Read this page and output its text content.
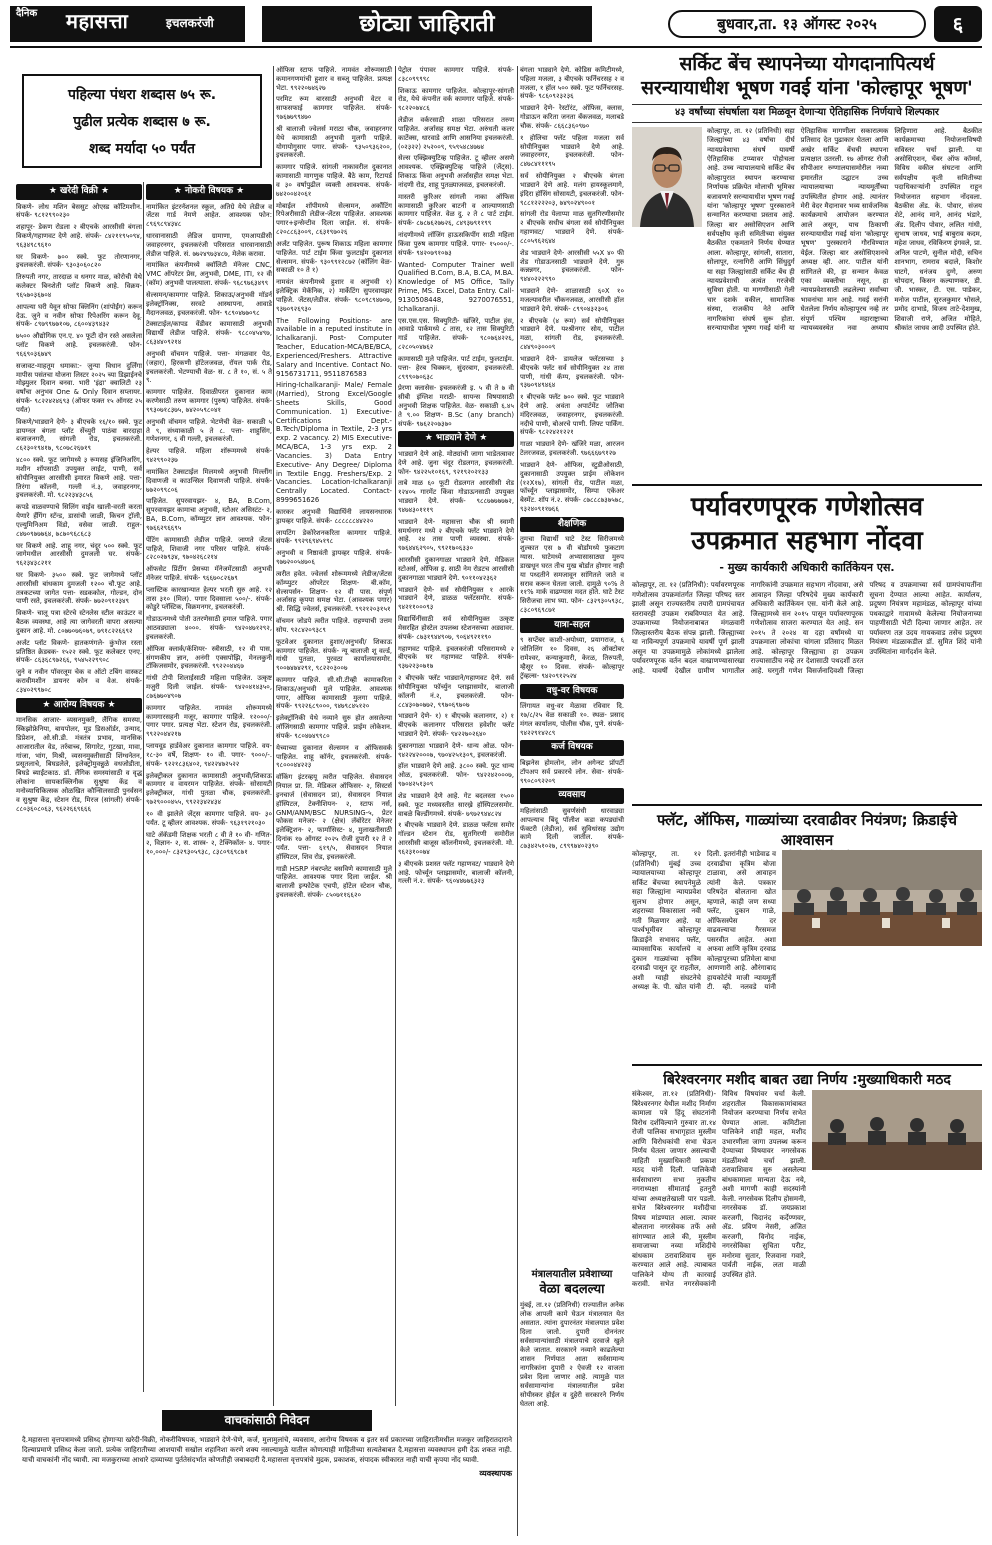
दैनिक महासत्ता	इचलकरंजी	छोट्या जाहिराती	बुधवार,ता. १३ ऑगस्ट २०२५	६
पहिल्या पंधरा शब्दास ७५ रू.
पुढील प्रत्येक शब्दास ७ रू.
शब्द मर्यादा ५० पर्यंत
★ खरेदी विक्री ★
विकणे- लोध मशिन बेससुट ओएस्ड कॉटिमशीन. संपर्क- ९८१२९९०२३०
शहापूर- डेकण रोडला २ बीएचके आरसीसी बंगला विकणे/गहाणवट देणे आहे. संपर्क- ८४२११९५०९४, ९६३४९८९६१०
घर विकणे- ७०० स्क्वे. फूट तोरणानगर, इचलकरंजी. संपर्क- ९३०३०६०८२०
तिरुपती नगर, तारदाळ व धनगर माळ, कोरोची येथे कलेक्टर बिनशेती प्लॉट विकणे आहे. विक्रय- ९६५७०३६७०४
आपल्या घरी येवून सोफा क्लिनिंग (शांपोईंग) करून देऊ. जुने व नवीन सोफा रिपेअरिंग करून देवू. संपर्क- ८९७९९७७१०७, ८६००४३९४३२
७५०० औद्योगिक एन.ए. ४० फूटी दोन रस्ते असलेला प्लॉट विकणे आहे. इचलकरंजी. फोन- ९६६९०३६७४९
सजावट-माहतूम धमाका:- जुन्या विधान दुर्लिंगा मापीस पसंतचा योजना लिस्टर २०२५ च्या डिझाईनचे मोझ्युलर दिवान बनवा. भारी 'इंद्रा' क्वालिटी २३ वर्षांचा अनुभव One & Only दिवान सप्लायर. संपर्क- ९८२२४२४६९३ (ऑफर फक्त १५ ऑगस्ट २५ पर्यंत)
विकणे/भाड्याने देणे- ३ बीएचके १६/१० स्क्वे. फूट डायग्नल बंगला प्लॉट सेंच्युरी पाठंबा बारदाहा बजाजनगरी, सांगली रोड, इचलकरंजी. ८६२३०१९४१७, ९८०७८२६७१९
४८०० स्क्वे. फूट जागेमध्ये ३ रूमसह इंजिनिअरिंग, मशीन शॉपसाठी उपयुक्त लाईट, पाणी, सर्व सोयीनियुक्त आरसीसी इमारत विकणे आहे. पत्ता- तिरंगा कॉलनी, गल्ली नं.३, जवाहरनगर, इचलकरंजी. मो. ९८२२३४३८५६
कपडे वाळवण्याचे सिलिंग वाईव खाली-वरती करता येणारे हँगिंग स्टॅन्ड, डासांची जाळी, किचन ट्रॉली, एल्युमिनिअम विंडो, वसेवा जाळी. राहुल- ८४७०९७७७६४, ७८७०९६८६८३
घर विकणे आहे. शाहू नगर, चंदूर ५०० स्क्वे. फूट जागेमधील आरसीसी दुमजली घर. संपर्क- ९६२३४३८२११
घर विकणे- ३५०० स्क्वे. फूट जागेमध्ये प्लॉट आरसीसी बांधकाम दुमजली १२०० चौ.फूट आहे. तत्रकटच्या जागेत पत्ता- सडककोल, गोल्डन, दोन पाणी रस्ते, इचलकरंजी. संपर्क- ७७२०९१२३४९
विकणे- चालू पत्रा स्टेरचे स्टेनलेस स्टील काऊंटर व बैठक व्यवस्था, आहे त्या जागेवरती वापरा असल्या दुकान आहे. मो. ८०७७०७६०७९, ७९१८२२६६९२
अर्जंट प्लॉट विकणे- हातकणंगले- कुंभोज रस्ता प्रतिष्ठित क्रेडबक- १५२२ स्क्वे. फूट कलेक्टर एनए. संपर्क- ८६३६८९७२६६, ९५४५२२९९०८
जुने व नवीन पॉवरलूम चेक व ऑटो टबिंग वास्कट करावीमशीन डायनर कोन व वेअ. संपर्क- ८३४०२९९७०८
★ आरोग्य विषयक ★
मानसिक आजार- व्यसनमुक्ती, लैंगिक समस्या, स्किझोफ्रेनिया, बायपोलर, मूड डिसऑर्डर, उन्माद, डिप्रेशन, ओ.सी.डी. मंत्रतंत्र प्रभाव, मानसिक आजारातील वेड, तर्रबाच्च, सिगारेट, गुटखा, मावा, गांजा, भांग, मिश्री, व्यसनमुक्तीसाठी शिंग्धनेतन, प्रसूतलाचे, बिघडलेले, इलेक्ट्रोमुवन्नुळे वधजोडीता, बिघडे ब्याईंटकाठ. डॉ. लैंगिक समस्यांसाठी व वृद्ध लोकांना सायकाक्लिनीक सुश्रुषा केंद्र व मनोव्याधिकित्सक ओळखित कौन्सिलसाठी पुनर्वसन व सुश्रुषा केंद्र, स्टेशन रोड, मिरज (सांगली) संपर्क- ८८०३६०८०६३, ९६२२६६९६६६
★ नोकरी विषयक ★
नामांकित इंटरनॅशनल स्कूल, अतिग्रे येथे लेडीज व जेंटस गार्ड नेमणे आहेत. आवश्यक फोन: ८९६९८९४३४८
धारवानासाठी लेडिज ग्रामाणा, एमआयडीसी जवाहरनगर, इचलकरंजी परिसरात धारवानासाठी लेडीज पाहिजे. सं. ७७२४९७३४८७, मेलेक करावा.
नामांकित कंपनीमध्ये क्वॉलिटी मॅनेजर CNC, VMC ऑपरेटर प्रेस, अनुभवी, DME, ITI, १२ वी (कॉम) अनुभवी पालत्याला. संपर्क- ९६८९७६३४९९
सेल्समन/कामगार पाहिजे. शिकाऊ/अनुभवी मॉडर्न इलेक्ट्रॉनिक्स, सरवटे आस्थापना, आवाडे मैदानजवळ, इचलकरंजी. फोन- ९८९०४७७०९८
टेक्सटाईल/कापड वेंडीवर कामासाठी अनुभवी विद्यार्थी लेडीज पाहिजे. संपर्क- ९८८०४५४९७, ८६३४४०९२१४
अनुभवी वॉचमन पाहिजे. पत्ता- मंगळवार पेठ, (जहार), हिरकणी हॉटेलजवळ, रॉयल पार्क रोड, इचलकरंजी. भेटण्याची वेळ- स. ८ ते १०, सं. ५ ते ९.
कामगार पाहिजेत. दिवाळीपरत दुकानात काम करणेसाठी तरुण कामगार (पुरुष) पाहिजेत. संपर्क- ९९३०७१८३७५, ७४२०५९८०४१
अनुभवी वॉचमन पाहिजे. भेटणेची वेळ- सकाळी ५ ते ९, संध्याकाळी ५ ते ८. पत्ता- शाहुसिंग, गणेशनगर, ६ वी गल्ली, इचलकरंजी.
हेल्पर पाहिजे. महिला शॉरूममध्ये संपर्क- ९४२९९०२३७
नामांकित टेक्सटाईल मिलमध्ये अनुभवी मिल्लींग दिवाणजी व काउन्सिल दिवाणजी पाहिजे. संपर्क- ७७२०९९८०६
पाहिजेत. सुपरवायझर- ४, BA, B.Com, सुपरवायझर कामाचा अनुभवी, स्टोअर असिस्टंट- २, BA, B.Com, कॉम्प्युटर ज्ञान आवश्यक. फोन- ९७६६२९६६९५
पेंटिंग कामासाठी लेडीज पाहिजे. जाणते जेंटस पाहिजे, शिवाजी नगर परिसर पाहिजे. संपर्क- ८२८०२७९३४, ९७०४२६८२१४
ऑफसेट प्रिंटींग प्रेसच्या मॅनेजमेंटसाठी अनुभवी मॅनेजर पाहिजे. संपर्क- ९६६७०८२६७९
प्लास्टिक कारखान्यात हेल्पर भरती सुरु आहे. १२ तास ३१० (मिल). पगार दिवसाला ५००/-. संपर्क- कोडुरे प्लॅस्टिक, विक्रमनगर, इचलकरंजी.
गोडाऊनमध्ये पोती उतरणेसाठी हमाल पाहिजे. पगार आठवड्याला ४०००. संपर्क- ९४२०४७१२९२, इचलकरंजी.
ऑफिस क्लार्क/कॅशियर- स्त्रीसाठी, १२ वी पास, संगणकीय ज्ञान, अनंगी एक्सपोझि, मेनलकुनी टॉकिजसमोर, इचलकरंजी. ९९२२०४४६७
गांधी टोपी शिलाईसाठी महिला पाहिजेत. उत्कृष्ट मजुरी दिली जाईल. संपर्क- ९४२०४१४३५०, ८७६७७०४९०७
कामगार पाहिजेत. नामवंत शोरूममध्ये कामगारसहनी मजूर, कामगार पाहिजे. १२०००/- पगार पगार. प्रत्यक्ष भेटा. स्टेशन रोड, इचलकरंजी. ९९२२०४४२१७
प्लायवूड हार्डवेअर दुकानात कामगार पाहिजे. वय- १८-३० वर्षे, शिक्षण- १० वी. पगार- ९०००/-. संपर्क- ९२२१८३६४०२, ९४२२४७२५२२
इलेक्ट्रीकल दुकानात कामासाठी अनुभवी/शिकाऊ कामगार व वायरमन पाहिजेत. संपर्क- सोसायटी इलेक्ट्रीकल, गांधी पुतळा चौक, इचलकरंजी. ९७२९०००४५५, ९९२२३४२४३४
१० वी झालेले जेंट्स कामगार पाहिजे. वय- ३० पर्यंत. टू व्हीलर आवश्यक. संपर्क- ९६३१९२१०३०
घाटे ॲकॅडमी शिक्षक भरती ८ वी ते १० वी- गणित- २, विज्ञान- २, स. शास्त्र- २, टेक्निकॉल- ४. पगार- १०,०००/- ८३२९३०५९३८, ८३८०९६९८७१
ऑफिस स्टाफ पाहिजे. नामवंत शोरूमसाठी कमानगणमांची हुशार व सब्जू पाहिजेत. प्रत्यक्ष भेटा. ९९२२०७४६२७
परमिट रूम बारसाठी अनुभवी वेटर व साफसफाई कामगार पाहिजेत. संपर्क- ९७६७७९९४७०
श्री बालाजी ज्वेलर्स मराठा चौक, जवाहरनगर येथे कामासाठी अनुभवी मुलगी पाहिजे. योगायोगुसार पगार. संपर्क- ९३५०९३६२००, इचलकरंजी.
कामगार पाहिजे. सांगली नाकावरील दुकानात कामासाठी मागणुक पाहिजे. बैठे काम, रिटायर्ड व ३० वर्षापुढील व्यक्ती आवश्यक. संपर्क- ७४२००४२०६१
मोबाईल शॉपीमध्ये सेल्समन, अकौंटिंग रिपेअरीसाठी लेडीज-जेंटस पाहिजेत. आवश्यक पगार+इन्सेन्टीव दिला जाईल. सं. संपर्क- ८२०८८६३००९, ८६३१९७०२६
अर्जंट पाहिजेत. पुरूष शिकाऊ महिला कामगार पाहिजेत. पार्ट टाईम किंवा फुलटाईम दुकानात सेल्समन. संपर्क- ९३०९९१२८७२ (कॉलिंग वेळ- सकाळी १० ते १)
नामवंत कंपनीमध्ये हुशार व अनुभवी १) इलेक्ट्रिक मेकॅनिक, २) मार्केटिंग सुपरवायझर पाहिजे. जेंटस/लेडीज. संपर्क- ९८०९८९४७०७, ९३७०९२६९३०
The Following Positions- are available in a reputed institute in Ichalkaranji. Post- Computer Teacher, Education-MCA/BE/BCA, Experienced/Freshers. Attractive Salary and Incentive. Contact No. 9156731711, 9511876583
Hiring-Ichalkaranji- Male/ Female (Married), Strong Excel/Google Sheets Skills, Good Communication. 1) Executive-Certifications Dept.-B.Tech/Diploma in Textile, 2-3 yrs exp. 2 vacancy. 2) MIS Executive- MCA/BCA, 1-3 yrs exp. 2 Vacancies. 3) Data Entry Executive- Any Degree/ Diploma in Textile Engg. Freshers/Exp. 2 Vacancies. Location-Ichalkaranji Centrally Located. Contact- 8999651626
कारकर अनुभवी विद्यार्थिनी लायसनधारक ड्रायव्हर पाहिजे. संपर्क- ८८८८८८४४२२०
लायटिंग डेकोरेशनकरिता कामगार पाहिजे. संपर्क- ९९२९६९४५१९८
अनुभवी व निष्ठावंती ड्रायव्हर पाहिजे. संपर्क- ९७७२००५४७०६
त्वरीत हवेत. ज्वेलर्स शोरूममध्ये लेडीज/जेंटस कॉम्प्युटर ऑपरेटर शिक्षण- बी.कॉम, सेल्सपर्सन- शिक्षण- १२ वी पास. संपूर्ण अर्जासह कृपया समक्ष भेटा. (आवश्यक पगार) श्री. सिद्धि ज्वेलर्स, इचलकरंजी. ९९२१२०३१५१
वॉचमन जोडपे त्वरीत पाहिजे. राहण्याची उत्तम सोय. ९२८४२०९३८९
फूटवेअर दुकानात हुशार/अनुभवी/ शिकाऊ कामगार पाहिजेत. संपर्क- न्यू बालाजी शू वर्ल्ड, गांधी पुतळा, पुरवठा कार्यालयासमोर. ९००७४७४२९१, ९८२२०३००७
कामगार पाहिजे. सी.सी.टीव्ही कामाकरिता शिकाऊ/अनुभवी मुले पाहिजेत. आवश्यक पगार, ऑफिस कामासाठी मुलगा पाहिजे. संपर्क- ९९२२६८९०००, ९४७९८४५१२०
इलेक्ट्रॉनिकी येथे नव्याने सुरु होत असलेल्या लॉजिंगसाठी कामगार पाहिजे. प्राईम लोकेशन. संपर्क- ९८०४७४९९८०
येच्याच्या दुकानात सेल्समन व ऑफिसवर्क पाहिजेत. शाहू कॉर्नर, इचलकरंजी. संपर्क- ९८०००४४२२३
वॉकिंग इंटरव्हयू त्वरीत पाहिजेत. सेवासदन नियाल प्रा. लि. मेडिकल ऑफिसर- २, सिस्टर्स इनचार्ज (सेवासदन प्रा), सेवासदन नियाल हॉस्पिटल, टेक्नीशियन- २, स्टाफ नर्स, GNM/ANM/BSC NURSING-५, प्रेटर फोकस मनेजर- २ (क्षेत्र) लॅबोरेटर मेनेजर इलेक्ट्रिशन- २, फार्मासिस्ट- ४, मुलाखतीसाठी दिनांक १७ ऑगस्ट २०२५ रोजी दुपारी १२ ते २ पर्यंत. पत्ता- ६१९/५, सेवासदन नियाल हॉस्पिटल, शिव रोड, इचलकरंजी.
गाडी HSRP नंबरप्लेट बसविणे कामासाठी मुले पाहिजेत. आवश्यक पगार दिला जाईल. श्री बालाजी इन्फोटेक एचपी, हॉटेल स्टेशन चौक, इचलकरंजी. संपर्क- ८५०७११६६२०
पेट्रोल पंपावर कामगार पाहिजे. संपर्क- ८३८०९९९९८
शिकाऊ कामगार पाहिजेत. कोल्हापूर-सांगली रोड, येथे कंपनीत वर्क कामगार पाहिजे. संपर्क- ९८२२०७४८६
लेडीज वर्करसाठी शाळा परिसरात तरुण पाहिजेत. अर्जासह समक्ष भेटा. अरुंधती कलर कार्टेक्स, धारवाडे आणि आसनिया इचलकरंजी. (०२३२२) २५२००९, ९५९५४८४७७४
सेल्स एक्झिक्युटिव्ह पाहिजेत. टू व्हीलर असणे आवश्यक. एक्झिक्युटिव्ह पाहिजे (जेंट्स). शिकाऊ किंवा अनुभवी अर्जासहीत समक्ष भेटा. नांदणी रोड, शाहू पुतळ्याजवळ, इचलकरंजी.
मास्तरी कुरिअर सांगली नाका ऑफिस कामासाठी कुरिअर बाटनी व आल्याणसाठी कामगार पाहिजेत. वेळ दु. २ ते ८ पार्ट टाईम. संपर्क- ८७८७६२७७२६, ८४९३७९११९९
नांदणीमध्ये लॉजिंग हाऊसकिपींग साठी महिला किंवा पुरुष कामगार पाहिजे. पगार- १५०००/-. संपर्क- ९४२०७९१०७३
Wanted- Computer Trainer well Qualified B.Com, B.A, B.CA, M.BA. Knowledge of MS Office, Tally Prime, MS. Excel, Data Entry. Call- 9130508448, 9270076551, Ichalkaranji.
एस.एस.एस. सिक्युरिटी- खंजिरे, पाटील हंस, आवाडे पार्कमध्ये ८ तास, १२ तास सिक्युरिटी गार्ड पाहिजेत. संपर्क- ९८०७६४२२६, ८२८०५०४७६२
कामासाठी मुले पाहिजेत. पार्ट टाईम, फुलटाईम. पत्ता- हेरब चिक्कन, सुंदरबाग, इचलकरंजी. ८९९९०७०६३८
प्रेरणा क्लासेस- इचलकरंजी इ. ५ वी ते ७ वी सीबी इंग्लिश मराठी- सायन्स विषयासाठी अनुभवी शिक्षक पाहिजेत. वेळ- सकाळी ६.४५ ते ९.०० शिक्षण- B.Sc (any branch) संपर्क- ९७६२२०७३७०
★ भाड्याने देणे ★
भाड्याने देणे आहे. मोठ्यांची जागा भाडेतत्वावर देणे आहे. जुना चंदूर रोडलगत, इचलकरंजी. फोन- ९४२२५१०१६९, ९२१९२०२१३३
ताबे माळ ६० फूटी रोडलगत आरसीसी शेड १२४०५ गारमेंट किंवा गोडाऊनसाठी उपयुक्त भाड्याने देणे. संपर्क- ९८८७७७७७७२, ९४७४३०१११९
भाड्याने देणे- महासत्ता चौक श्री स्वामी समर्थनगर मध्ये २ बीएचके फ्लॅट भाड्याने देणे आहे. २४ तास पाणी व्यवस्था. संपर्क- ९७६४४६२९०५, ९९२१७०६३३०
आरसीसी दुकानगाळा भाड्याने देणे. मेडिकल स्टोअर्स, ऑफिस इ. साठी नेम रोडटच आरसीसी दुकानगाळा भाड्याने देणे. ९०११०४२३६२
भाड्याने देणे- सर्व सोयीनियुक्त १ आरके भाड्याने देणे, डाळळ फ्लॅटसमोर. संपर्क- ९४२११०००९३
विद्यार्थिनींसाठी सर्व सोयीनियुक्त उत्कृष्ट मेसरहित होस्टेल उपलब्ध स्टेशनसच्या अड्यावर. संपर्क- ८७३१९४४९०७, ९०६४९२११९०
गहाणवट पाहिजे. इचलकरंजी परिसरामध्ये २ बीएचके घर गहाणवट पाहिजे. संपर्क- ९३७२२३०७१७
२ बीएचके फ्लॅट भाड्याने/गहाणवट देणे. सर्व सोयीनियुक्त फॉर्च्युन प्लाझासमोर, बालाजी कॉलनी नं.२, इचलकरंजी. फोन- ८८४३०७०७७२, ९९७०६९७०७
भाड्याने देणे- १) १ बीएचके कलानगर, २) १ बीएचके कलानगर परिसरात हवेशीर फ्लॅट भाड्याने देणे. संपर्क- ९४२२७०२६४०
दुकानगाळा भाड्याने देणे- धान्य ओळ. फोन- ९४२२४२०००७, ९७०४२५१३०९, इचलकरंजी.
हॉल भाड्याने देणे आहे. ३८०० स्क्वे. फूट धान्य ओळ, इचलकरंजी. फोन- ९४२२४२०००७, ९७०४२५१३०९
शेड भाड्याने देणे आहे. गेट बदलस्ता १५०० स्क्वे. फूट मध्यवस्तीत सारख्रे हॉस्पिटलसमोर. वाबळे बिल्डींगमध्ये. संपर्क- ७९७२९४४८२४
१ बीएचके भाड्याने देणे. डाळळ फ्लॅटस समोर गॉल्डन स्टेशन रोड, सुतगिरणी समोरील आरसीसी बाजूस कॉलनीमध्ये, इचलकरंजी. मो. ९६२३१००७४
३ बीएचके प्रशस्त फ्लॅट गहाणवट/ भाड्याने देणे आहे. फोर्च्यून प्लाझासमोर, बालाजी कॉलनी, गल्ली नं.२. संपर्क- ९६०४४७७६३२३
बंगला भाड्याने देणे. कोडिस कमिटीमध्ये, पहिला मजला, ३ बीएचके फर्निचरसह २ व मजला, १ हॉल ५०० स्क्वे. फूट फर्निचरसह. संपर्क- ९८६०९२३२३६
भाड्याने देणे- रेस्टॉरंट, ऑफिस, क्लास, गोडाऊन करिता जनता बँकजवळ, मलाबडे चौक. संपर्क- ८६६८३६०९७०
१ होलिचा फ्लॅट पहिला मजला सर्व सोयीनियुक्त भाड्याने देणे आहे. जवाहरनगर, इचलकरंजी. फोन- ८४७८४१११९५
सर्व सोयीनियुक्त २ बीएचके बंगला भाड्याने देणे आहे. मलंग हायस्कूलमागे, इंदिरा हॉसिंग सोसायटी, इचलकरंजी. फोन- ९८८१२२२२०३, ७४९०२४९००१
सांगली रोड येलाप्पा माळ सुतगिरणीसमोर २ बीएचके सधीच बंगला सर्व सोयीनियुक्त गहाणवट/ भाड्याने देणे. संपर्क- ८८०५९६२६४४
शेड भाड्याने देणे- आरसीसी ५५X ४० फी शेड गोडाऊनसाठी भाड्याने देणे. गुरु कन्नन्नगर, इचलकरंजी. फोन- ९४४०२२२९९०
भाड्याने देणे- शाळासाठी ६०X १० मजल्यावरील चौंकनजवळ, आरसीसी हॉल भाड्याने देणे. संपर्क- ८९९०४३२३०६
२ बीएचके (४ रूम) सर्व सोयीनियुक्त भाड्याने देणे. यश्श्रीनगर सोय, पाटील मळा, सांगली रोड, इचलकरंजी. ८४४९०३०००९
भाड्याने देणे- डायलेज फ्लॅटसच्या ३ बीएचके फ्लॅट सर्व सोयीनियुक्त २४ तास पाणी, गांधी कॅम्प, इचलकरंजी. फोन- ९३७०९४९४६४
१ बीएचके फ्लॅट ७०० स्क्वे. फूट भाड्याने देणे आहे. अवंता अपार्टमेंट जोतिबा मंदिरजवळ, जवाहरनगर, इचलकरंजी. नदीचे पाणी, बोअरचे पाणी. लिफ्ट पार्किंग. संपर्क- ९८२२४२१२२१
गाळा भाड्याने देणे- खंजिरे मळा, आरजन टेलरजवळ, इचलकरंजी. ९७६६६७९१२७
भाड्याने देणे- ऑफिस, स्टुडीओसाठी, दुकानासाठी उपयुक्त प्राईम लोकेशन (१२X१७), सांगली रोड, पाटील मळा, फॉर्च्यून प्लाझासमोर, सिम्पा एकेअर बेस्मेंट. शॉप नं.२. संपर्क- ८७८८८७३७५७८, ९३२४०९११७६६
शैक्षणिक
तुमचा विद्यार्थी घाटे टेस्ट सिरीजमध्ये शुल्कात एस ७ वी बोर्डांमध्ये फुकटाग ग्यास. घाटेमध्ये अभ्यासासाठ्या मुरुप डाखधून घरत तीच मुख बोर्डात होणार नाही या पध्दतीने समजावून सांगितले जाते व सराव करून घेतला जातो. दामुळे ९०% ते ११% मार्क वाढण्यास मदत होते. घाटे टेस्ट सिरीजचा लाभ घ्या. फोन- ८३२९३०५९३८, ८३८०९६९८७१
यात्रा-सहल
९ सप्टेंबर काशी-अयोध्या, प्रयागराज, ६ जोतिलिंग १० दिवस, २६ ऑक्टोबर रामेश्वर, कन्याकुमारी, केरळ, तिरुपती, म्हैसूर १० दिवस. संपर्क- कोल्हापूर ट्रॅव्हल्स- ९४२०९१२५२४
वधु-वर विषयक
लिंगायत वधु-वर मेळावा रविवार दि. १७/८/२५ वेळ सकाळी १०. स्थळ- प्रसाद मंगल कार्यालय, पोलीस चौक, पुणे. संपर्क- ९४२२९१४२८९
कर्ज विषयक
बिझनेस होमलोन, लोन अगेन्स्ट प्रॉपर्टी टॉपअप सर्व प्रकारचे लोन. सेवा- संपर्क- ९९०८०९२२०९
व्यवसाय
महिलांसाठी सुवर्णसंधी धारवाड्या आपल्याच बिंदू पॉलीश कडा कपड्यांची फॅक्टरी (लेडीज), सर्व सुविधांसह उद्योग कामे दिली जातील. संपर्क- ८७३४२५१०२७, ८९९९७४०२३९०
वाचकांसाठी निवेदन
दै.महासत्ता वृत्तपत्रामध्ये प्रसिध्द होणाऱ्या खरेदी-विक्री, नोकरीविषयक, भाड्याने देणे-घेणे, कर्ज, मुलामुलांचे, व्यवसाय, आरोग्य विषयक व इतर सर्व प्रकारच्या जाहिरातीमधील मजकुर जाहिरातदाराने दिल्याप्रमाणे प्रसिध्द केला जातो. प्रत्येक जाहिरातीच्या आशयाची सखोल शहानिशा करणे शक्य नसल्यामुळे यातील कोणत्याही माहितीच्या सत्यतेबाबत दै.महासत्ता व्यवस्थापन हमी देऊ शकत नाही. याची वाचकांनी नोंद घ्यावी. त्या मजकुराच्या आधारे दाव्याच्या पुर्ततेसंदर्भात कोणतीही जबाबदारी दै.महासत्ता वृत्तपत्रांचे मुद्रक, प्रकाशक, संपादक स्वीकारत नाही याची कृपया नोंद घ्यावी.
व्यवस्थापक
सर्किट बेंच स्थापनेच्या योगदानापित्यर्थ
सरन्यायाधीश भूषण गवई यांना 'कोल्हापूर भूषण'
४३ वर्षांच्या संघर्षाला यश मिळवून देणाऱ्या ऐतिहासिक निर्णयाचे शिल्पकार
कोल्हापूर, ता. १२ (प्रतिनिधी) सहा जिल्ह्यांच्या ४३ वर्षांचा दीर्घ न्यायप्रवेशाचा संघर्ष यावर्षी ऐतिहासिक टप्प्यावर पोहोचला आहे. उच्च न्यायालयाचे सर्किट बेंच कोल्हापुरात स्थापन करण्याचा निर्णायक प्रक्रियेत मोलाची भूमिका बजावणारे सरन्यायाधीश भूषण गवई यांना 'कोल्हापूर भूषण' पुरस्काराने सन्मानित करण्याचा प्रस्ताव आहे. जिल्हा बार असोसिएशन आणि सर्वपक्षीय कृती समितीच्या संयुक्त बैठकीत एकमताने निर्णय घेण्यात आला. कोल्हापूर, सांगली, सातारा, सोलापूर, रत्नागिरी आणि सिंधुदुर्ग या सहा जिल्ह्यांसाठी सर्किट बेंच ही न्यायप्रवेशाची अत्यंत गरजेची सुविधा होती. या मागणीसाठी गेली चार दशके वकील, सामाजिक संस्था, राजकीय नेते आणि नागरिकांचा संघर्ष सुरू होता. सरन्यायाधीश भूषण गवई यांनी या ऐतिहासिक मागणीला सकारात्मक प्रतिसाद देत पुढाकार घेतला आणि अखेर सर्किट बेंचची स्थापना प्रत्यक्षात उतरली. १७ ऑगस्ट रोजी सीपीआर रुग्णालयासमोरील नव्या इमारतीत उद्घाटन उच्च न्यायालयाच्या न्यायमूर्तींच्या उपस्थितीत होणार आहे. त्यानंतर मेरी वेदर मैदानावर भव्य सार्वजनिक कार्यक्रमाचे आयोजन करण्यात आले असून, याच ठिकाणी सरन्यायाधीश गवई यांना 'कोल्हापूर भूषण' पुरस्काराने गौरविण्यात येईल. जिल्हा बार असोसिएशनचे अध्यक्ष व्ही. आर. पाटील यांनी सांगितले की, हा सन्मान केवळ एका व्यक्तीचा नसून, हा न्यायप्रवेशासाठी लढलेल्या सर्वांच्या भावनांचा मान आहे. गवई सरांनी घेतलेला निर्णय कोल्हापूरच नव्हे तर संपूर्ण पश्चिम महाराष्ट्राच्या न्यायव्यवस्थेत नवा अध्याय लिहिणारा आहे. बैठकीत कार्यक्रमाच्या नियोजनाविषयी सविस्तर चर्चा झाली. या असोसिएशन, चेंबर ऑफ कॉमर्स, विविध वकील संघटना आणि सर्वपक्षीय कृती समितीच्या पदाधिकाऱ्यांनी उपस्थित राहून नियोजनात सहभाग नोंदवला. बैठकीस ॲड. के. पोवार, संजय शेटे, आनंद माने, आनंद भंडारे, ॲड. दिलीप पोवार, ललित गांधी, सुभाष जाधव, भाई बाबुराव कदम, महेश जाधव, रविकिरण इंगवले, प्रा. अनिल पाटणे, सुनील मोदी, सचिन शानभाग, रामराव बदाले, किशोर घाटगे, धनंजय दुग्गे, अरुण चोपदार, किसन कल्याणकर, डी. जी. भास्कर, टी. एस. पाडेकर, मनोज पाटील, सुरजकुमार भोसले, प्रमोद दाभाडे, विजय ताटे-देशमुख, शिवाजी राणे, अजित मोहिते, श्रीकांत जाधव आदी उपस्थित होते.
पर्यावरणपूरक गणेशोत्सव
उपक्रमात सहभाग नोंदवा
- मुख्य कार्यकारी अधिकारी कार्तिकेयन एस.
कोल्हापूर, ता. १२ (प्रतिनिधी): पर्यावरणपूरक गणेशोत्सव उपक्रमांतर्गत जिल्हा परिषद स्तर झाली असून राज्यस्तरीय तयारी ग्रामपंचायत स्तरावरही उपक्रम राबविण्यात येत आहे. उपक्रमाच्या नियोजनाबाबत मंगळवारी जिल्हास्तरीय बैठक संपन्न झाली. जिल्ह्याच्या या नाविन्यपूर्ण उपक्रमाचे यावर्षी पूर्ण झाली असून या उपक्रमामुळे लोकांमध्ये झालेला पर्यावरणपूरक वर्तन बदल वाखाणण्यासारखा आहे. यावर्षी देखील ग्रामीण भागातील नागरिकांनी उपक्रमात सहभाग नोंदवावा, असे आवाहन जिल्हा परिषदेचे मुख्य कार्यकारी अधिकारी कार्तिकेयन एस. यांनी केले आहे. जिल्ह्यामध्ये सन २०१५ पासून पर्यावरणपूरक गणेशोत्सव साजरा करण्यात येत आहे. सन २०१५ ते २०२४ या दहा वर्षांमध्ये या उपक्रमाला लोकांचा चांगला प्रतिसाद मिळत आहे. कोल्हापूर जिल्ह्याचा हा उपक्रम राज्यासाठीच नव्हे तर देशासाठी पथदर्शी ठरत आहे. घरगुती गणेश विसर्जनादिवशी जिल्हा परिषद व उपक्रमाच्या सर्व ग्रामपंचायतींना सूचना देण्यात आल्या आहेत. कार्यालय, प्रदूषण नियंत्रण महामंडळ, कोल्हापूर यांच्या पथकाद्वारे गावामध्ये केलेल्या नियोजनाच्या पाहणीसाठी भेटी दिल्या जाणार आहेत. तर पर्यावरण तज्ञ उदय गायकवाड तसेच प्रदूषण नियंत्रण मंडळाकडील डॉ. सुमित शिंदे यांनी उपस्थितांना मार्गदर्शन केले.
फ्लॅट, ऑफिस, गाळ्यांच्या दरवाढीवर नियंत्रण; क्रिडाईचे आश्वासन
कोल्हापूर, ता. १२ (प्रतिनिधी) मुंबई उच्च न्यायालयाच्या कोल्हापूर सर्किट बेंचच्या स्थापनेमुळे सहा जिल्ह्यांना न्यायप्रवेश सुलभ होणार असून, शहराच्या विकासाला नवी गती मिळणार आहे. या पार्श्वभूमीवर कोल्हापूर क्रिडाईने सभासद फ्लॅट, व्यावसायिक कार्यालये व दुकान गाळ्यांच्या कृत्रिम दरवाढी पासून दूर राहतील, अशी ग्वाही संघटनेचे अध्यक्ष के. पी. खोत यांनी दिली. इतरांनीही भाडेवाढ व दरवाढीचा कृत्रिम बोजा टाळावा, असे आवाहन त्यांनी केले. पत्रकार परिषदेत बोलताना खोत म्हणाले, काही जण सध्या फ्लॅट, दुकान गाळे, ऑफिसस्पेस दर वाढवल्याचा गैरसमज पसरवीत आहेत. अशा अफवा आणि कृत्रिम दरवाढ कोल्हापूरच्या प्रतिमेला बाधा आणणारी आहे. औरंगाबाद हायकोर्टचे माजी न्यायमूर्ती टी. व्ही. नलवडे यांनी
बिरेश्वरनगर मशीद बाबत उद्या निर्णय :मुख्याधिकारी मठद
संकेश्वर, ता.१२ (प्रतिनिधी)- बिरेश्वरनगर येथील मशीद निर्माण कामाला पत्रे हिंदू संघटनांनी विरोध दर्शविल्याने गुरुवार ता.१४ रोजी पालिका सभागृहात मुस्लीम आणि विरोधकांची सभा घेऊन निर्णय घेतला जाणार असल्याची माहिती मुख्याधिकारी प्रकाश मठद यांनी दिली. पालिकेची सर्वसाधारण सभा नुकतीच नगराध्यक्षा सीमाताई हतनुरी यांच्या अध्यक्षतेखाली पार पडली. सभेत बिरेश्वरनगर मशीदीचा विषय मांडण्यात आला. त्यावर बोलताना नगरसेवक तर्फे असे सांगण्यात आले की, मुस्लीम समाजाच्या नव्या मशिदीचे बांधकाम ठरावाशिवाय सुरु करण्यात आले आहे. त्याबाबत पालिकेने योग्य ती कारवाई करावी. सभेत नगरसेवकांनी विविध विषयांवर चर्चा केली. शहरातील विकासकामांबाबत नियोजन करण्याचा निर्णय सभेत घेण्यात आला. कमिटीला पालिकेने शाही महल, मशीद उभारणीला जागा उपलब्ध करून देण्याच्या विषयावर नगरसेवक मंडळींमध्ये चर्चा झाली. ठरावाशिवाय सुरु असलेल्या बांधकामाला मान्यता देऊ नये, अशी मागणी काही सदस्यांनी केली. नगरसेवक दिलीप होसमनी, नगरसेवक डॉ. जयप्रकाश करजगी, चिदानंद कर्देण्णवर, ॲड. प्रविण नेसरी, अजित करजगी, विनोद नाईक, नगरसेविका सुचिता परीट, मनोरमा सुतार, रिजवाना गवारे, पार्वती नाईक, लता माळी उपस्थित होते.
मंत्रालयातील प्रवेशाच्या
वेळा बदलल्या
मुंबई, ता.१२ (प्रतिनिधी) राज्यातील अनेक लोक आपली कामे घेऊन मंत्रालयात येत असतात. त्यांना दुपारनंतर मंत्रालयात प्रवेश दिला जातो. दुपारी दोननंतर सर्वसामान्यांसाठी मंत्रालयाचे दरवाजे खुले केले जातात. सरकारने नव्याने काढलेल्या शासन निर्णयात आता सर्वसामान्य नागरिकांना दुपारी २ ऐवजी १२ वाजता प्रवेश दिला जाणार आहे. त्यामुळे यात सर्वसामान्यांना मंत्रालयातील प्रवेश सोयीस्कर होईल व दुहेरी सरकारने निर्णय घेतला आहे.
